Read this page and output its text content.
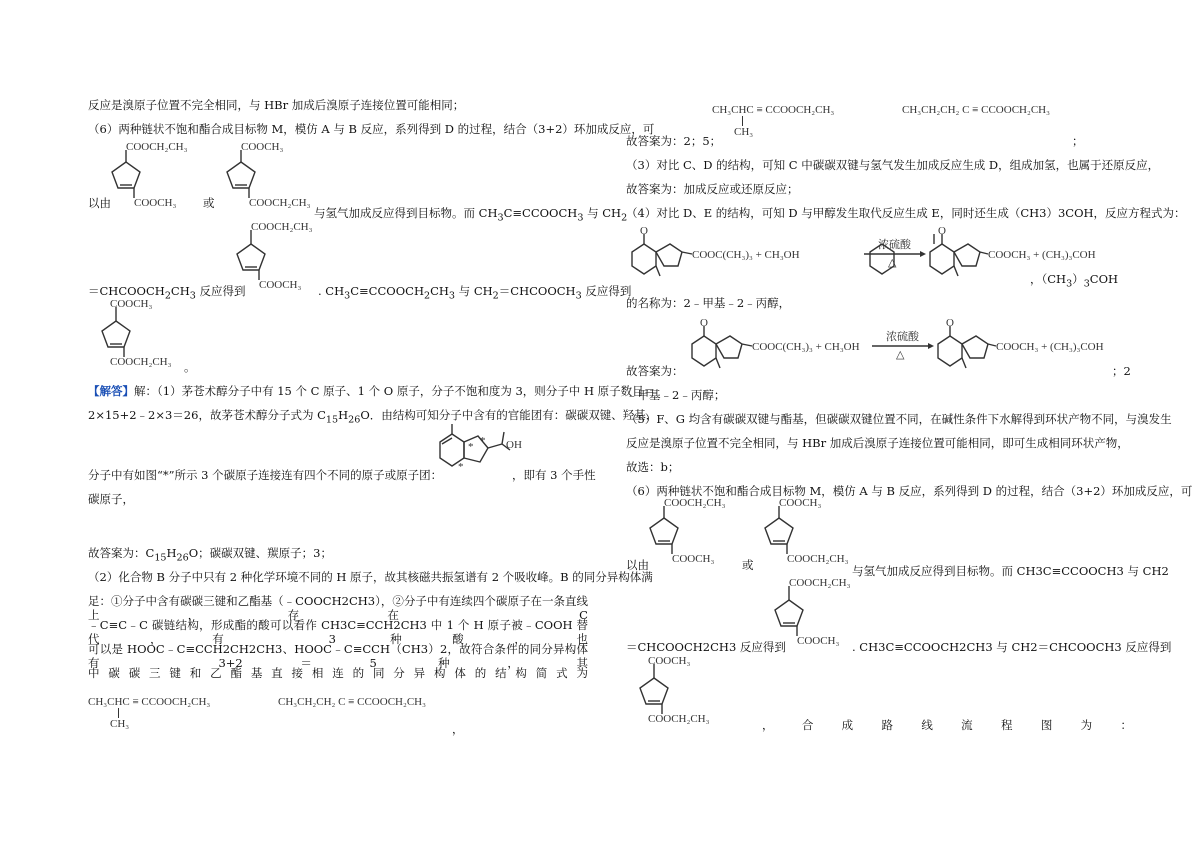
反应是溴原子位置不完全相同，与 HBr 加成后溴原子连接位置可能相同；
（6）两种链状不饱和酯合成目标物 M，模仿 A 与 B 反应，系列得到 D 的过程，结合（3+2）环加成反应，可
COOCH₂CH₃
COOCH₃
以由
COOCH₃
COOCH₂CH₃
或
与氢气加成反应得到目标物。而 $CH_3C\equiv CCOOCH_3$ 与 $CH_2$
COOCH₂CH₃
COOCH₃
$=CHCOOCH_2CH_3$ 反应得到	. $CH_3C\equiv CCOOCH_2CH_3$ 与 $CH_2=CHCOOCH_3$ 反应得到
COOCH₃
COOCH₂CH₃ 。
【解答】解：（1）茅苍术醇分子中有 15 个 C 原子、1 个 O 原子，分子不饱和度为 3，则分子中 H 原子数目＝
2×15+2﹣2×3＝26，故茅苍术醇分子式为 $C_{15}H_{26}O$．由结构可知分子中含有的官能团有：碳碳双键、羟基．
OH
* *
*
分子中有如图“*”所示 3 个碳原子连接连有四个不同的原子或原子团：	，即有 3 个手性
碳原子，
故答案为：$C_{15}H_{26}O$；碳碳双键、羰原子；3；
（2）化合物 B 分子中只有 2 种化学环境不同的 H 原子，故其核磁共振氢谱有 2 个吸收峰。B 的同分异构体满
足：①分子中含有碳碳三键和乙酯基（﹣COOCH2CH3），②分子中有连续四个碳原子在一条直线上，存在 C
﹣C≡C﹣C 碳链结构，形成酯的酸可以看作 CH3C≡CCH2CH3 中 1 个 H 原子被﹣COOH 替代，有 3 种酸，也
可以是 HOOC﹣C≡CCH2CH2CH3、HOOC﹣C≡CCH（CH3）2，故符合条件的同分异构体有 3+2＝5 种，其
中碳碳三键和乙酯基直接相连的同分异构体的结构简式为
CH₃CHC ≡ CCOOCH₂CH₃
CH₃
CH₃CH₂CH₂ C ≡ CCOOCH₂CH₃
，
CH₃CHC ≡ CCOOCH₂CH₃
CH₃
CH₃CH₂CH₂ C ≡ CCOOCH₂CH₃
故答案为：2；5；	；
（3）对比 C、D 的结构，可知 C 中碳碳双键与氢气发生加成反应生成 D，组成加氢，也属于还原反应，
故答案为：加成反应或还原反应；
（4）对比 D、E 的结构，可知 D 与甲醇发生取代反应生成 E，同时还生成（CH3）3COH，反应方程式为：
O
COOC(CH₃)₃ + CH₃OH
浓硫酸
△
O
COOCH₃ + (CH₃)₃COH
，$(CH_3)_3COH$
的名称为：2﹣甲基﹣2﹣丙醇，
O
COOC(CH₃)₃ + CH₃OH
浓硫酸
△
O
COOCH₃ + (CH₃)₃COH
故答案为：	；2
﹣甲基﹣2﹣丙醇；
（5）F、G 均含有碳碳双键与酯基，但碳碳双键位置不同，在碱性条件下水解得到环状产物不同，与溴发生
反应是溴原子位置不完全相同，与 HBr 加成后溴原子连接位置可能相同，即可生成相同环状产物，
故选：b；
（6）两种链状不饱和酯合成目标物 M，模仿 A 与 B 反应，系列得到 D 的过程，结合（3+2）环加成反应，可
COOCH₂CH₃
COOCH₃
以由
COOCH₃
COOCH₂CH₃
或	与氢气加成反应得到目标物。而 CH3C≡CCOOCH3 与 CH2
COOCH₂CH₃
COOCH₃
＝CHCOOCH2CH3 反应得到	. CH3C≡CCOOCH2CH3 与 CH2＝CHCOOCH3 反应得到
COOCH₃
COOCH₂CH₃	，合成路线流程图为：
